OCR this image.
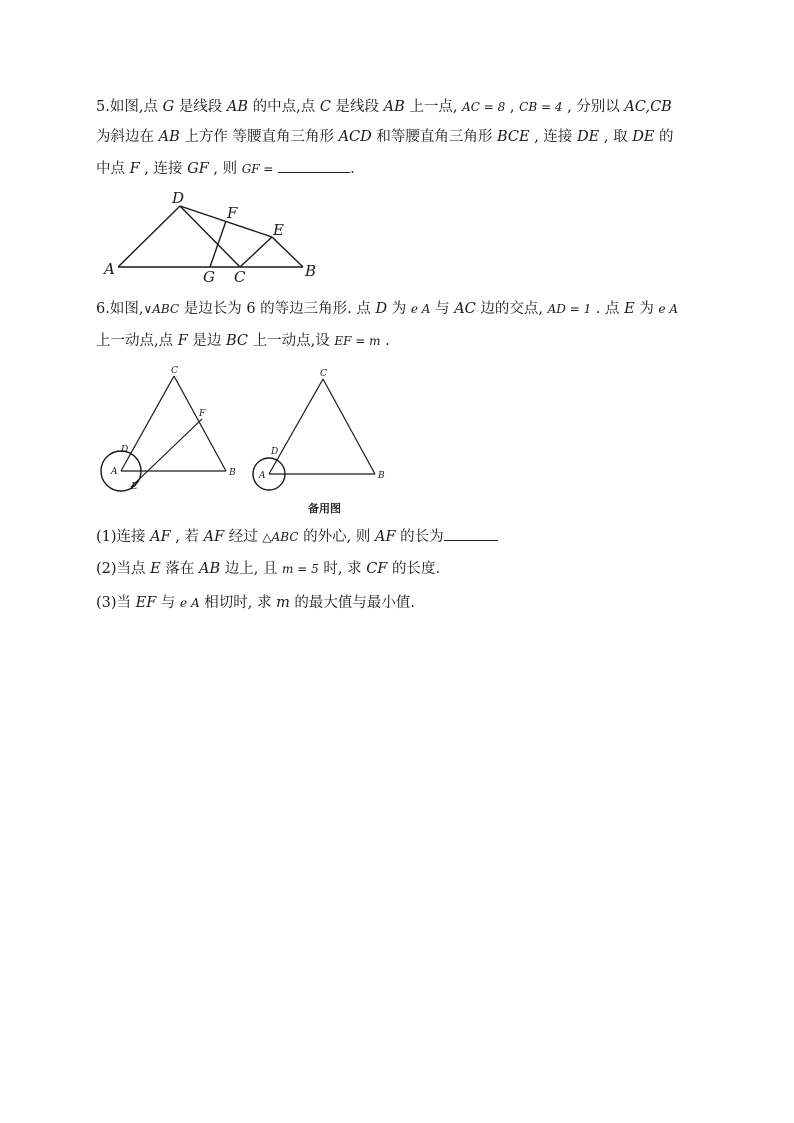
5.如图,点 G 是线段 AB 的中点,点 C 是线段 AB 上一点, AC = 8 , CB = 4 , 分别以 AC,CB
为斜边在 AB 上方作 等腰直角三角形 ACD 和等腰直角三角形 BCE , 连接 DE , 取 DE 的
中点 F , 连接 GF , 则 GF =	.
D
F
E
A	G C	B
6.如图,∨ABC 是边长为 6 的等边三角形. 点 D 为 e A 与 AC 边的交点, AD = 1 . 点 E 为 e A
上一动点,点 F 是边 BC 上一动点,设 EF = m .
C
F
D
A
E
B
C
D
A	B
备用图
(1)连接 AF , 若 AF 经过 △ABC 的外心, 则 AF 的长为
(2)当点 E 落在 AB 边上, 且 m = 5 时, 求 CF 的长度.
(3)当 EF 与 e A 相切时, 求 m 的最大值与最小值.
